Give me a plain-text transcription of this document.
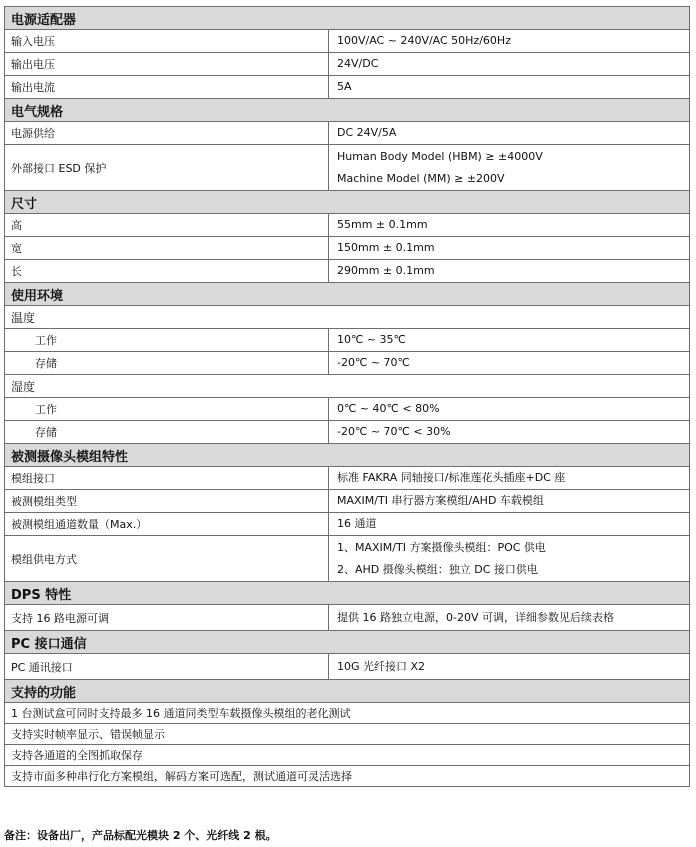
电源适配器	
输入电压	100V/AC ~ 240V/AC 50Hz/60Hz

输出电压	24V/DC

输出电流	5A

电气规格	
电源供给	DC 24V/5A

外部接口 ESD 保护	Human Body Model (HBM) ≥ ±4000V
Machine Model (MM) ≥ ±200V

尺寸	
高	55mm ± 0.1mm

宽	150mm ± 0.1mm

长	290mm ± 0.1mm

使用环境	
温度	
工作	10℃ ~ 35℃

存储	-20℃ ~ 70℃

湿度	
工作	0℃ ~ 40℃ < 80%

存储	-20℃ ~ 70℃ < 30%

被测摄像头模组特性	
模组接口	标准 FAKRA 同轴接口/标准莲花头插座+DC 座

被测模组类型	MAXIM/TI 串行器方案模组/AHD 车载模组

被测模组通道数量（Max.）	16 通道

模组供电方式	1、MAXIM/TI 方案摄像头模组：POC 供电
2、AHD 摄像头模组：独立 DC 接口供电

DPS 特性	
支持 16 路电源可调	提供 16 路独立电源，0-20V 可调，详细参数见后续表格

PC 接口通信	
PC 通讯接口	10G 光纤接口 X2

支持的功能	
1 台测试盒可同时支持最多 16 通道同类型车载摄像头模组的老化测试	
支持实时帧率显示、错误帧显示	
支持各通道的全图抓取保存	
支持市面多种串行化方案模组，解码方案可选配，测试通道可灵活选择	
备注：设备出厂，产品标配光模块 2 个、光纤线 2 根。
